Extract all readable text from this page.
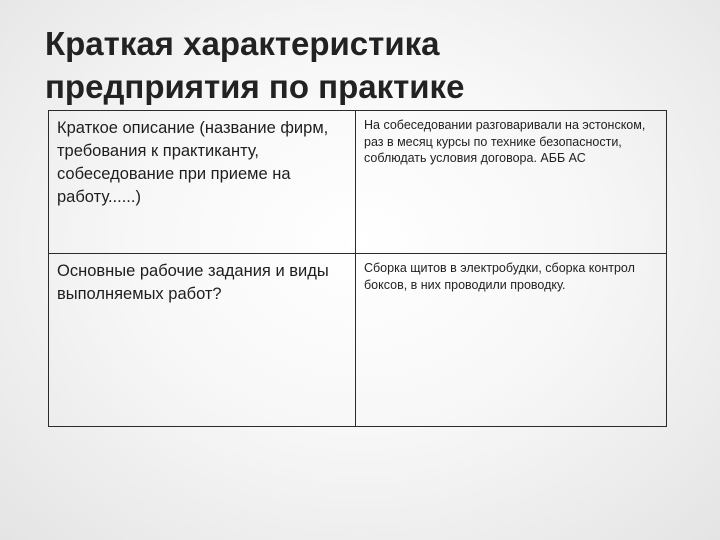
Краткая характеристика
предприятия по практике
Краткое описание (название фирм, требования к практиканту, собеседование при приеме на работу......)	На собеседовании разговаривали на эстонском, раз в месяц курсы по технике безопасности, соблюдать условия договора. АББ АС
Основные рабочие задания и виды выполняемых работ?	Сборка щитов в электробудки, сборка контрол боксов, в них проводили проводку.
